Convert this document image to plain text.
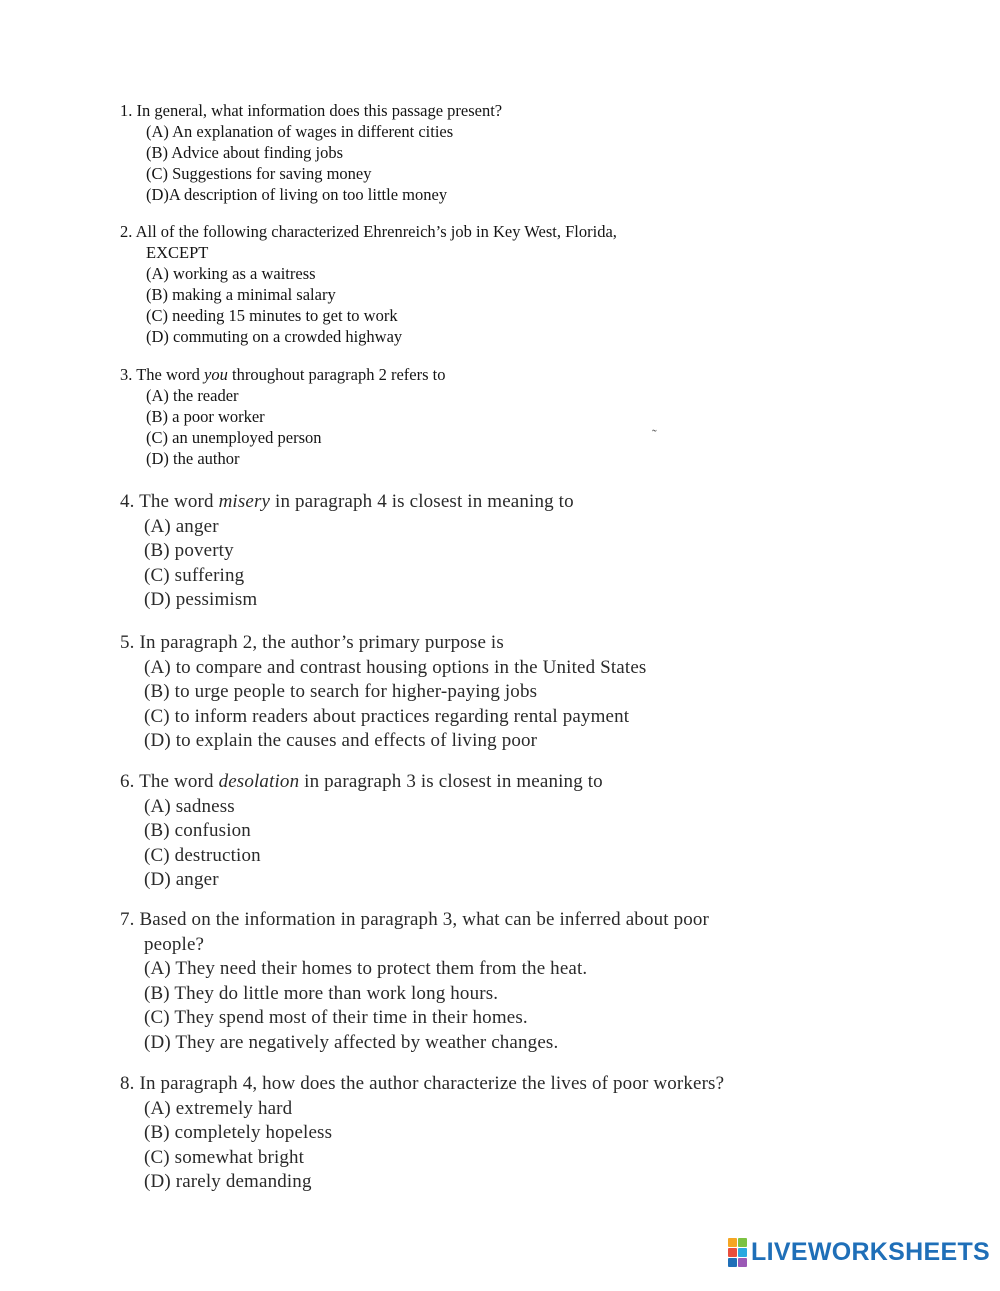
1. In general, what information does this passage present?
(A) An explanation of wages in different cities
(B) Advice about finding jobs
(C) Suggestions for saving money
(D)A description of living on too little money
2. All of the following characterized Ehrenreich’s job in Key West, Florida,
EXCEPT
(A) working as a waitress
(B) making a minimal salary
(C) needing 15 minutes to get to work
(D) commuting on a crowded highway
3. The word you throughout paragraph 2 refers to
(A) the reader
(B) a poor worker
(C) an unemployed person
(D) the author
˜
4. The word misery in paragraph 4 is closest in meaning to
(A) anger
(B) poverty
(C) suffering
(D) pessimism
5. In paragraph 2, the author’s primary purpose is
(A) to compare and contrast housing options in the United States
(B) to urge people to search for higher-paying jobs
(C) to inform readers about practices regarding rental payment
(D) to explain the causes and effects of living poor
6. The word desolation in paragraph 3 is closest in meaning to
(A) sadness
(B) confusion
(C) destruction
(D) anger
7. Based on the information in paragraph 3, what can be inferred about poor
people?
(A) They need their homes to protect them from the heat.
(B) They do little more than work long hours.
(C) They spend most of their time in their homes.
(D) They are negatively affected by weather changes.
8. In paragraph 4, how does the author characterize the lives of poor workers?
(A) extremely hard
(B) completely hopeless
(C) somewhat bright
(D) rarely demanding
LIVEWORKSHEETS
